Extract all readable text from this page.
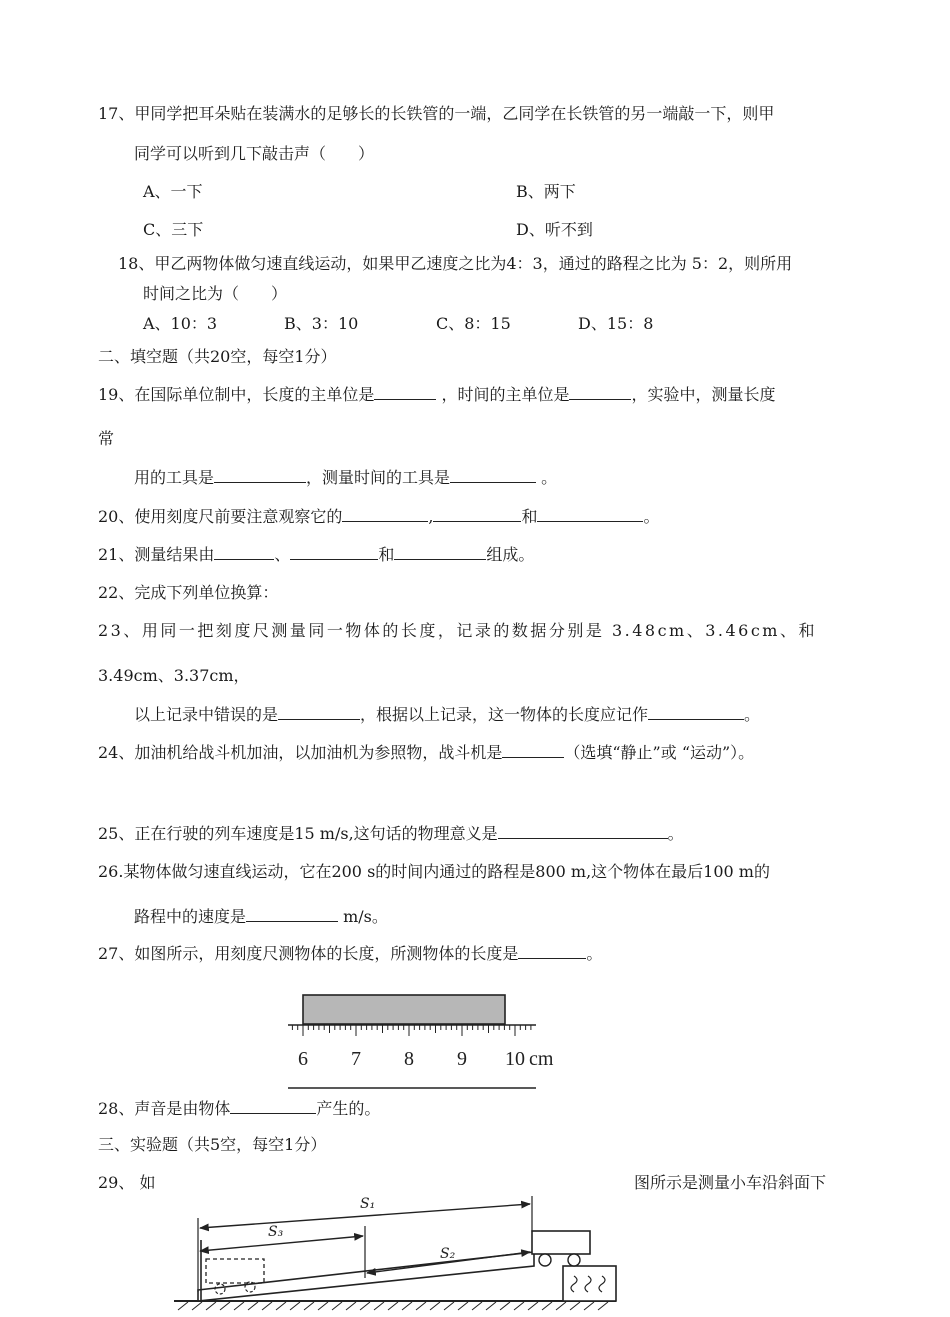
17、甲同学把耳朵贴在装满水的足够长的长铁管的一端，乙同学在长铁管的另一端敲一下，则甲
同学可以听到几下敲击声（　　）
A、一下	B、两下
C、三下	D、听不到
18、甲乙两物体做匀速直线运动，如果甲乙速度之比为4：3，通过的路程之比为 5：2，则所用
时间之比为（　　）
A、10：3	B、3：10	C、8：15	D、15：8
二、填空题（共20空，每空1分）
19、在国际单位制中，长度的主单位是	，时间的主单位是	，实验中，测量长度
常
用的工具是	，测量时间的工具是	。
20、使用刻度尺前要注意观察它的	,	和	。
21、测量结果由	、	和	组成。
22、完成下列单位换算：
23、用同一把刻度尺测量同一物体的长度，记录的数据分别是 3.48cm、3.46cm、和
3.49cm、3.37cm，
以上记录中错误的是	，根据以上记录，这一物体的长度应记作	。
24、加油机给战斗机加油，以加油机为参照物，战斗机是	（选填“静止”或 “运动”）。
25、正在行驶的列车速度是15 m/s,这句话的物理意义是	。
26.某物体做匀速直线运动，它在200 s的时间内通过的路程是800 m,这个物体在最后100 m的
路程中的速度是	m/s。
27、如图所示，用刻度尺测物体的长度，所测物体的长度是	。
6 7 8 9 10 cm
28、声音是由物体	产生的。
三、实验题（共5空，每空1分）
29、 如	图所示是测量小车沿斜面下
S₁
S₃
S₂
